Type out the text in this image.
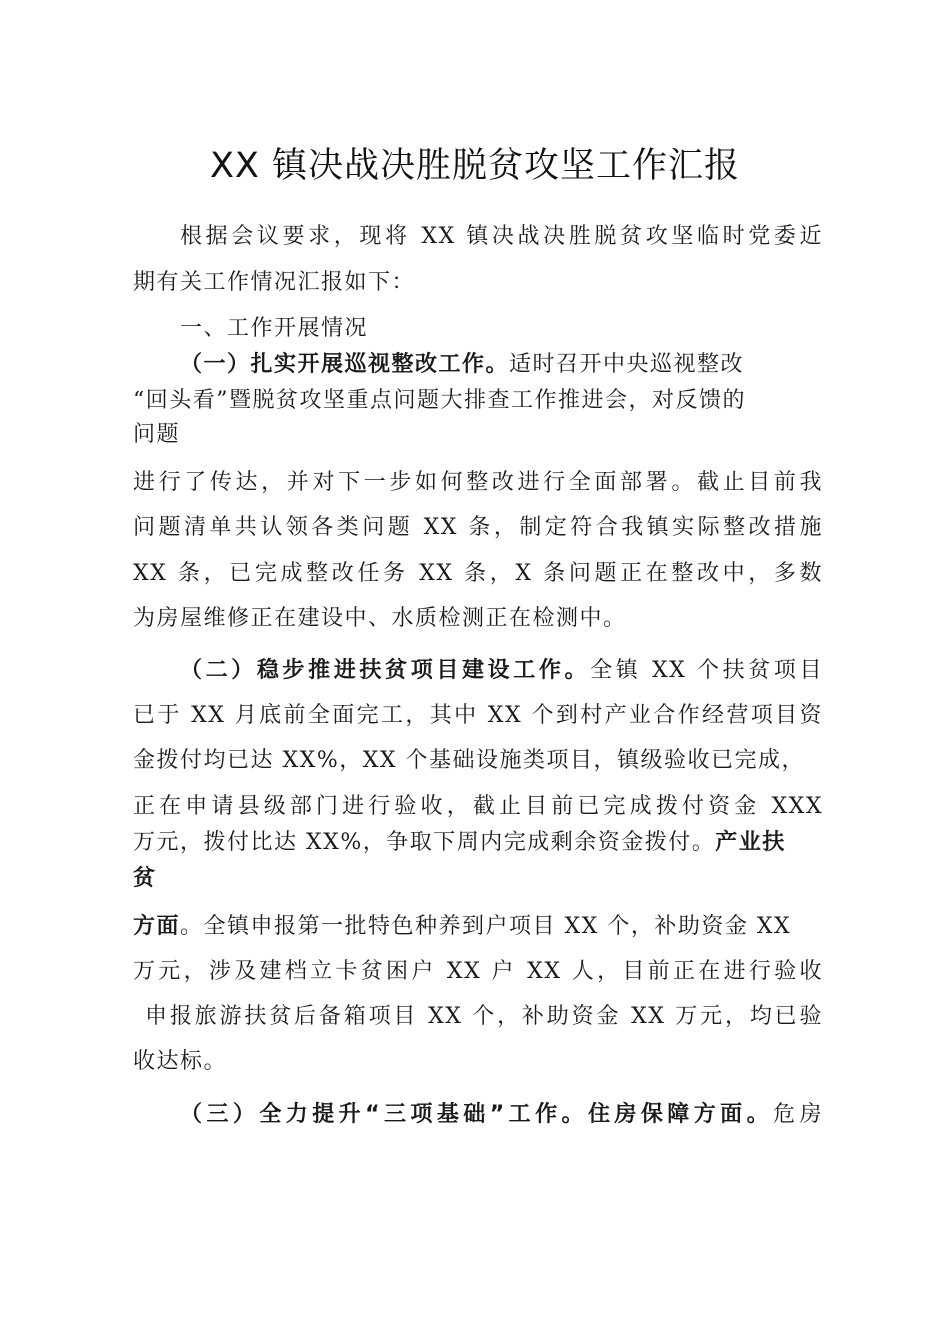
XX 镇决战决胜脱贫攻坚工作汇报
根据会议要求，现将 XX 镇决战决胜脱贫攻坚临时党委近
期有关工作情况汇报如下：
一、工作开展情况
（一）扎实开展巡视整改工作。适时召开中央巡视整改
“回头看”暨脱贫攻坚重点问题大排查工作推进会，对反馈的
问题
进行了传达，并对下一步如何整改进行全面部署。截止目前我
问题清单共认领各类问题 XX 条，制定符合我镇实际整改措施
XX 条，已完成整改任务 XX 条，X 条问题正在整改中，多数
为房屋维修正在建设中、水质检测正在检测中。
（二）稳步推进扶贫项目建设工作。全镇 XX 个扶贫项目
已于 XX 月底前全面完工，其中 XX 个到村产业合作经营项目资
金拨付均已达 XX%，XX 个基础设施类项目，镇级验收已完成，
正在申请县级部门进行验收，截止目前已完成拨付资金 XXX
万元，拨付比达 XX%，争取下周内完成剩余资金拨付。产业扶
贫
方面。全镇申报第一批特色种养到户项目 XX 个，补助资金 XX
万元，涉及建档立卡贫困户 XX 户 XX 人，目前正在进行验收
申报旅游扶贫后备箱项目 XX 个，补助资金 XX 万元，均已验
收达标。
（三）全力提升“三项基础”工作。住房保障方面。危房
